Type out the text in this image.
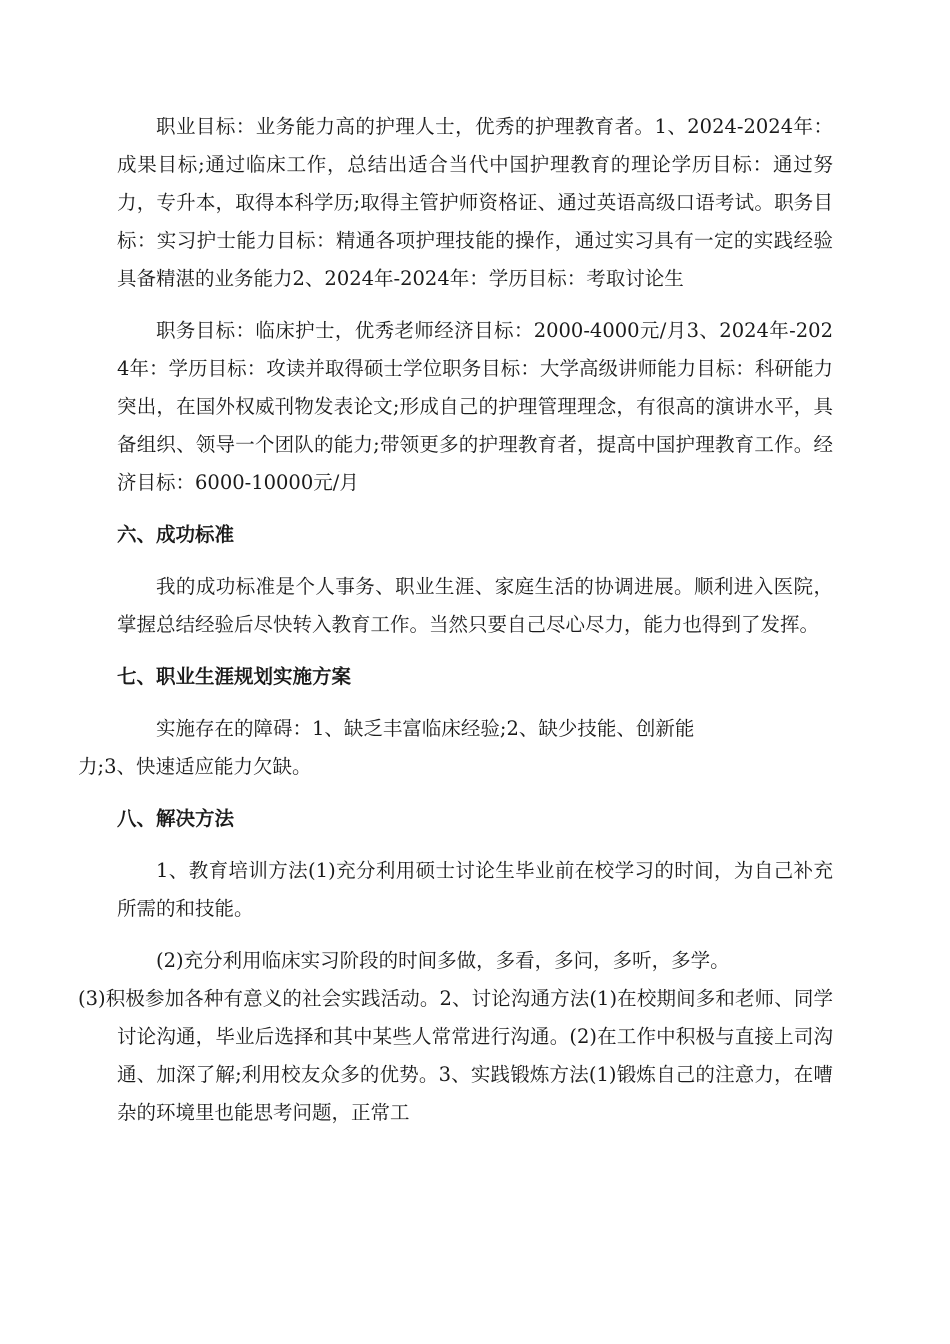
职业目标：业务能力高的护理人士，优秀的护理教育者。1、2024-2024年：成果目标;通过临床工作，总结出适合当代中国护理教育的理论学历目标：通过努力，专升本，取得本科学历;取得主管护师资格证、通过英语高级口语考试。职务目标：实习护士能力目标：精通各项护理技能的操作，通过实习具有一定的实践经验具备精湛的业务能力2、2024年-2024年：学历目标：考取讨论生

职务目标：临床护士，优秀老师经济目标：2000-4000元/月3、2024年-2024年：学历目标：攻读并取得硕士学位职务目标：大学高级讲师能力目标：科研能力突出，在国外权威刊物发表论文;形成自己的护理管理理念，有很高的演讲水平，具备组织、领导一个团队的能力;带领更多的护理教育者，提高中国护理教育工作。经济目标：6000-10000元/月

六、成功标准

我的成功标准是个人事务、职业生涯、家庭生活的协调进展。顺利进入医院，掌握总结经验后尽快转入教育工作。当然只要自己尽心尽力，能力也得到了发挥。

七、职业生涯规划实施方案

实施存在的障碍：1、缺乏丰富临床经验;2、缺少技能、创新能
力;3、快速适应能力欠缺。

八、解决方法

1、教育培训方法(1)充分利用硕士讨论生毕业前在校学习的时间，为自己补充所需的和技能。

(2)充分利用临床实习阶段的时间多做，多看，多问，多听，多学。
(3)积极参加各种有意义的社会实践活动。2、讨论沟通方法(1)在校期间多和老师、同学讨论沟通，毕业后选择和其中某些人常常进行沟通。(2)在工作中积极与直接上司沟通、加深了解;利用校友众多的优势。3、实践锻炼方法(1)锻炼自己的注意力，在嘈杂的环境里也能思考问题，正常工
